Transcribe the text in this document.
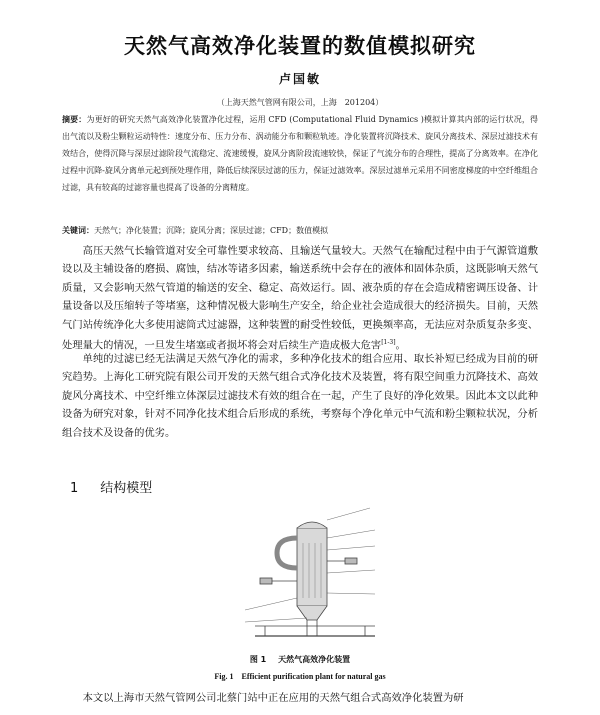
天然气高效净化装置的数值模拟研究
卢国敏
（上海天然气管网有限公司，上海　201204）
摘要：为更好的研究天然气高效净化装置净化过程，运用 CFD (Computational Fluid Dynamics )模拟计算其内部的运行状况，得出气流以及粉尘颗粒运动特性：速度分布、压力分布、涡动能分布和颗粒轨迹。净化装置将沉降技术、旋风分离技术、深层过滤技术有效结合，使得沉降与深层过滤阶段气流稳定、流速缓慢，旋风分离阶段流速较快，保证了气流分布的合理性，提高了分离效率。在净化过程中沉降-旋风分离单元起到预处理作用，降低后续深层过滤的压力，保证过滤效率。深层过滤单元采用不同密度梯度的中空纤维组合过滤，具有较高的过滤容量也提高了设备的分离精度。
关键词：天然气；净化装置；沉降；旋风分离；深层过滤；CFD；数值模拟
高压天然气长输管道对安全可靠性要求较高、且输送气量较大。天然气在输配过程中由于气源管道敷设以及主辅设备的磨损、腐蚀，结冰等诸多因素，输送系统中会存在的液体和固体杂质，这既影响天然气质量，又会影响天然气管道的输送的安全、稳定、高效运行。固、液杂质的存在会造成精密调压设备、计量设备以及压缩转子等堵塞，这种情况极大影响生产安全，给企业社会造成很大的经济损失。目前，天然气门站传统净化大多使用滤筒式过滤器，这种装置的耐受性较低，更换频率高，无法应对杂质复杂多变、处理量大的情况，一旦发生堵塞或者损坏将会对后续生产造成极大危害[1-3]。
单纯的过滤已经无法满足天然气净化的需求，多种净化技术的组合应用、取长补短已经成为目前的研究趋势。上海化工研究院有限公司开发的天然气组合式净化技术及装置，将有限空间重力沉降技术、高效旋风分离技术、中空纤维立体深层过滤技术有效的组合在一起，产生了良好的净化效果。因此本文以此种设备为研究对象，针对不同净化技术组合后形成的系统，考察每个净化单元中气流和粉尘颗粒状况，分析组合技术及设备的优劣。
1 结构模型
图 1 天然气高效净化装置
Fig. 1 Efficient purification plant for natural gas
本文以上海市天然气管网公司北蔡门站中正在应用的天然气组合式高效净化装置为研
